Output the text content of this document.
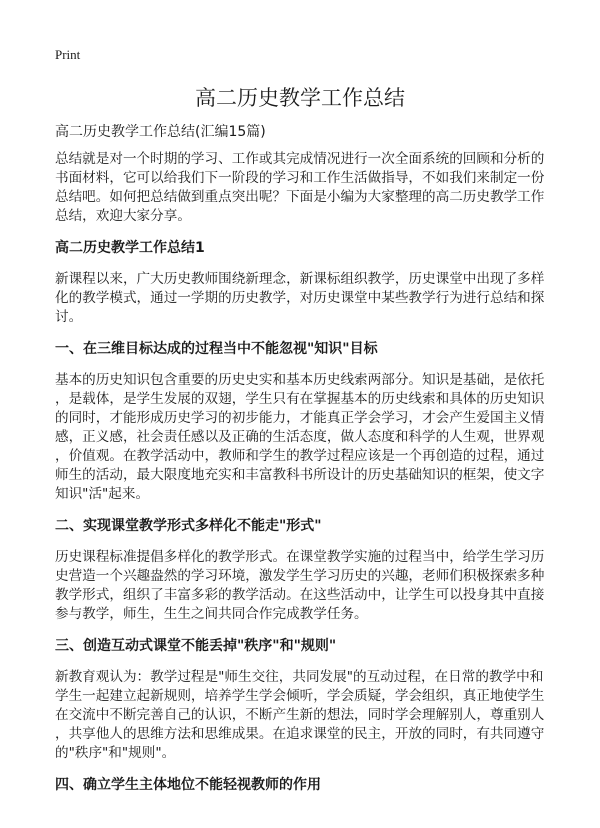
Print
高二历史教学工作总结
高二历史教学工作总结(汇编15篇)
总结就是对一个时期的学习、工作或其完成情况进行一次全面系统的回顾和分析的
书面材料，它可以给我们下一阶段的学习和工作生活做指导，不如我们来制定一份
总结吧。如何把总结做到重点突出呢？下面是小编为大家整理的高二历史教学工作
总结，欢迎大家分享。
高二历史教学工作总结1
新课程以来，广大历史教师围绕新理念，新课标组织教学，历史课堂中出现了多样
化的教学模式，通过一学期的历史教学，对历史课堂中某些教学行为进行总结和探
讨。
一、在三维目标达成的过程当中不能忽视"知识"目标
基本的历史知识包含重要的历史史实和基本历史线索两部分。知识是基础，是依托
，是载体，是学生发展的双翅，学生只有在掌握基本的历史线索和具体的历史知识
的同时，才能形成历史学习的初步能力，才能真正学会学习，才会产生爱国主义情
感，正义感，社会责任感以及正确的生活态度，做人态度和科学的人生观，世界观
，价值观。在教学活动中，教师和学生的教学过程应该是一个再创造的过程，通过
师生的活动，最大限度地充实和丰富教科书所设计的历史基础知识的框架，使文字
知识"活"起来。
二、实现课堂教学形式多样化不能走"形式"
历史课程标准提倡多样化的教学形式。在课堂教学实施的过程当中，给学生学习历
史营造一个兴趣盎然的学习环境，激发学生学习历史的兴趣，老师们积极探索多种
教学形式，组织了丰富多彩的教学活动。在这些活动中，让学生可以投身其中直接
参与教学，师生，生生之间共同合作完成教学任务。
三、创造互动式课堂不能丢掉"秩序"和"规则"
新教育观认为：教学过程是"师生交往，共同发展"的互动过程，在日常的教学中和
学生一起建立起新规则，培养学生学会倾听，学会质疑，学会组织，真正地使学生
在交流中不断完善自己的认识，不断产生新的想法，同时学会理解别人，尊重别人
，共享他人的思维方法和思维成果。在追求课堂的民主，开放的同时，有共同遵守
的"秩序"和"规则"。
四、确立学生主体地位不能轻视教师的作用
